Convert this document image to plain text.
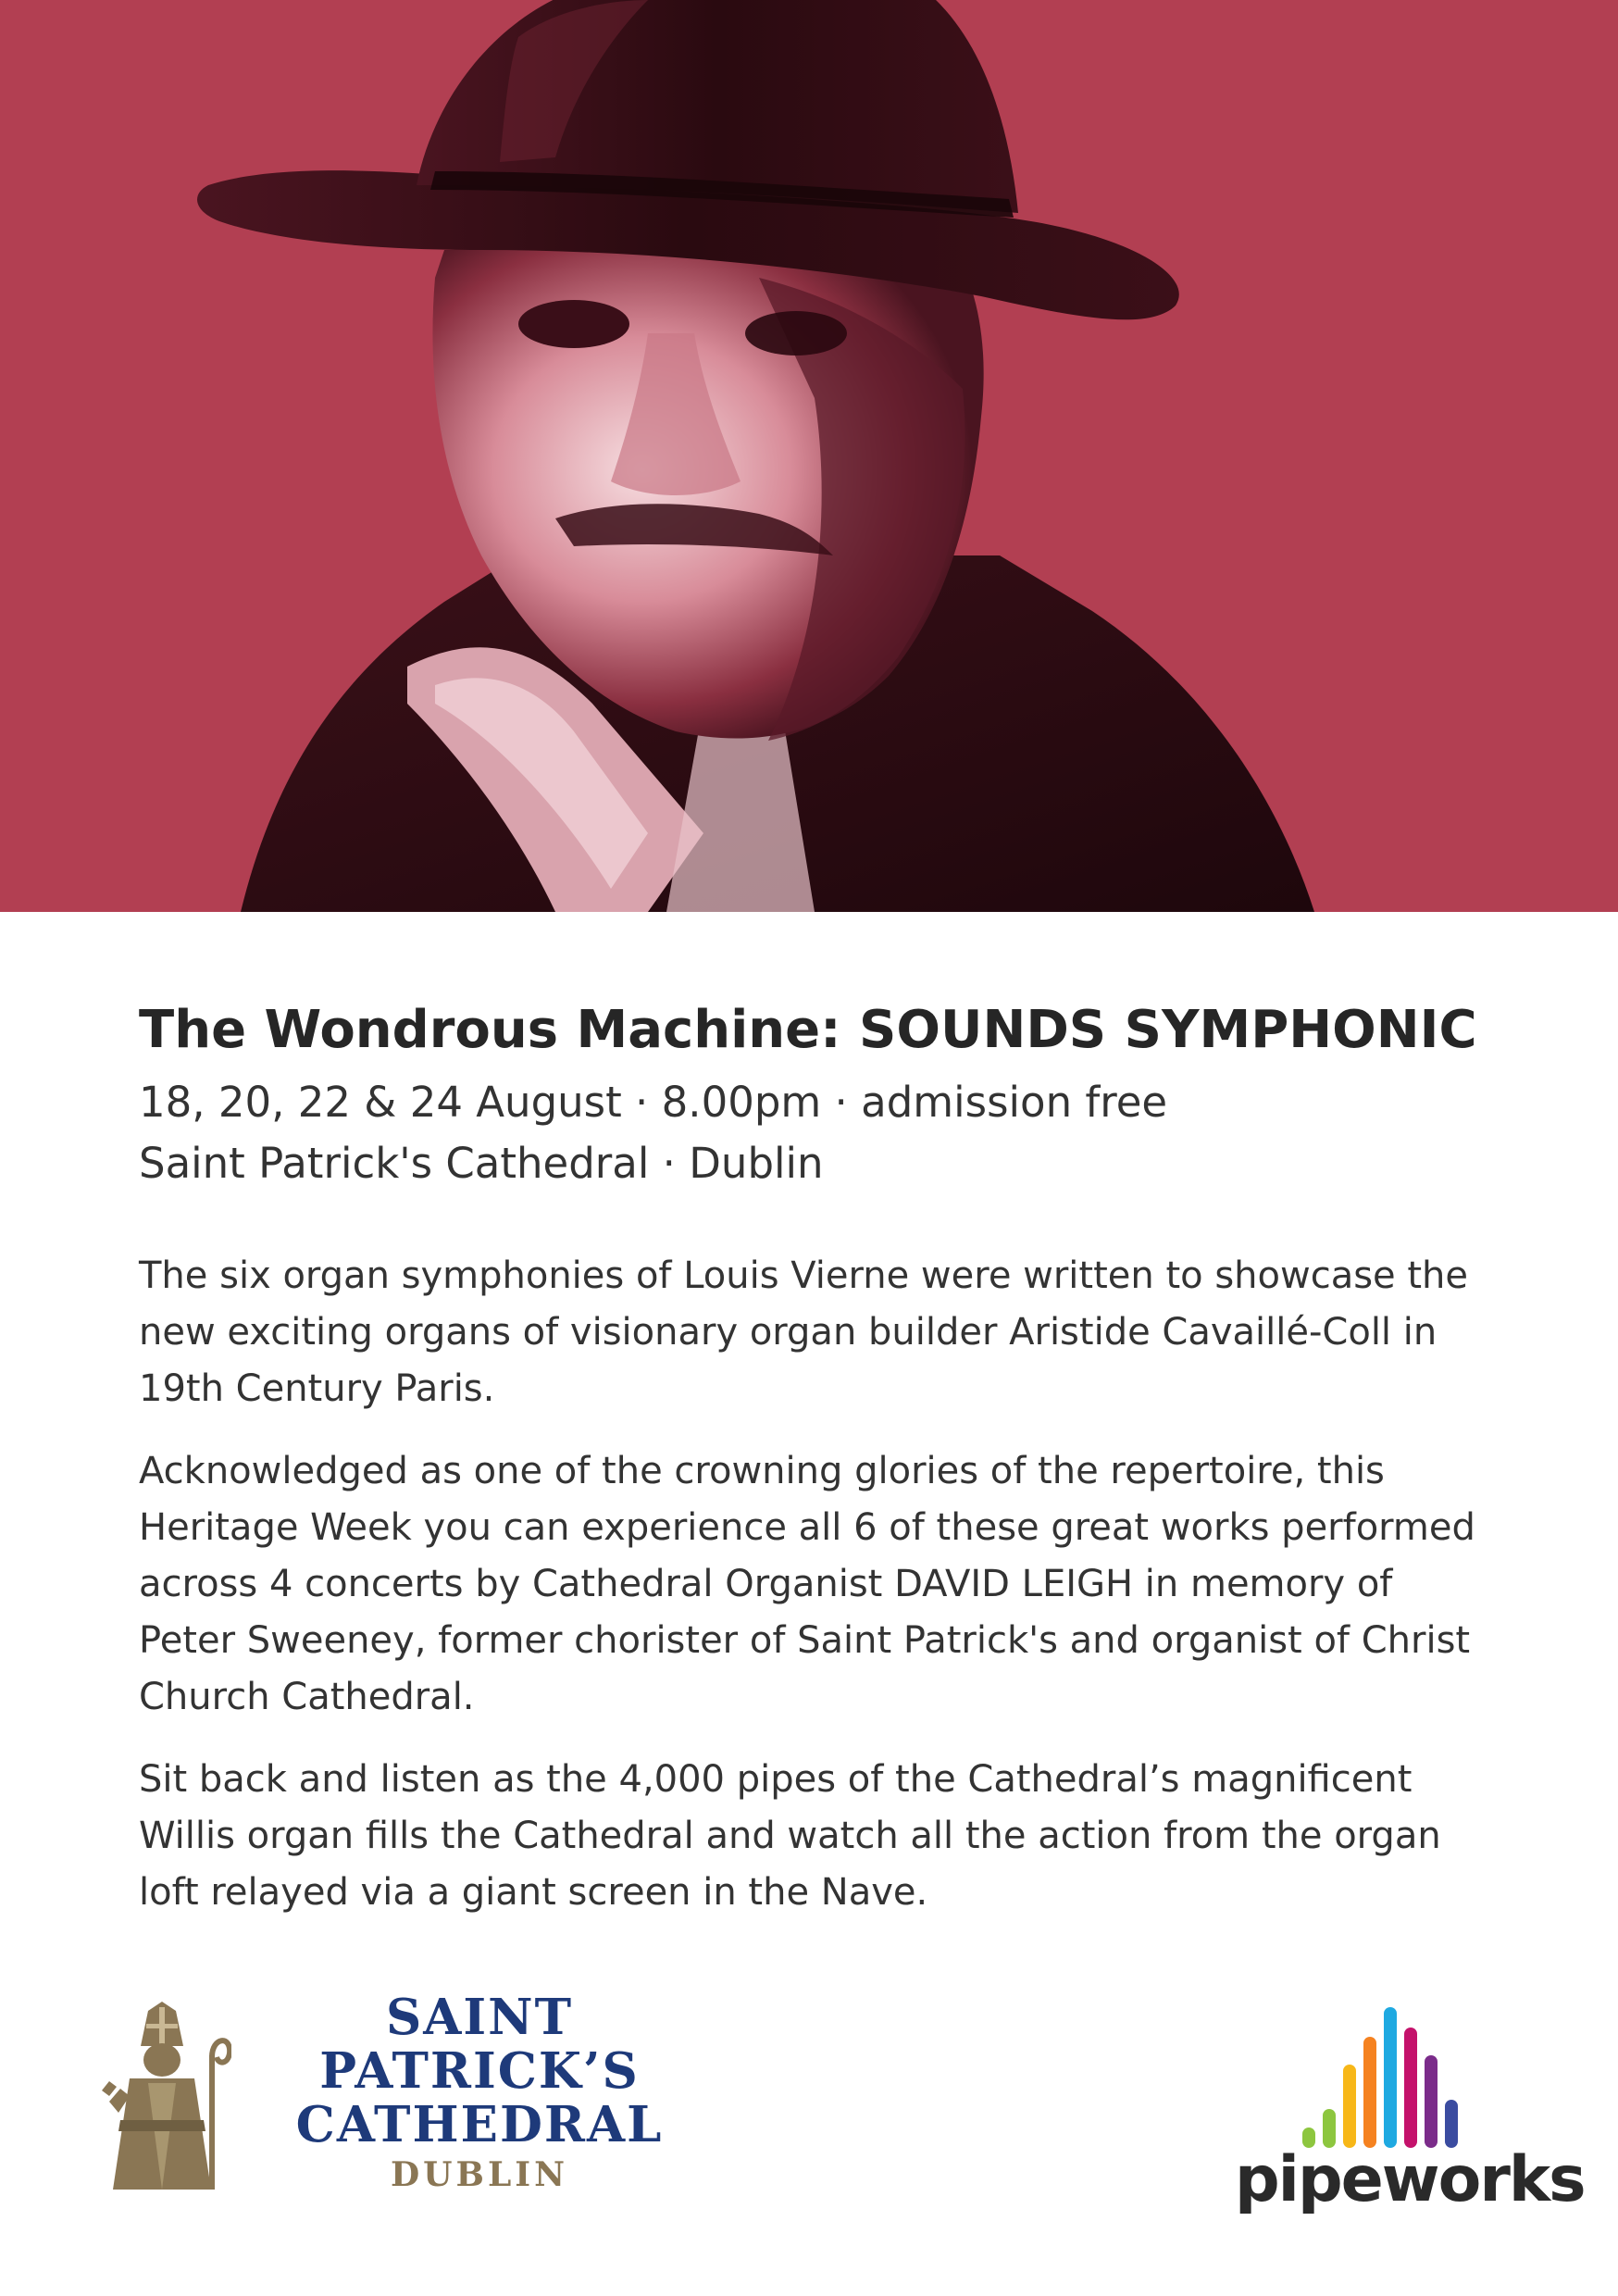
The Wondrous Machine: SOUNDS SYMPHONIC

18, 20, 22 & 24 August · 8.00pm · admission free

Saint Patrick's Cathedral · Dublin

The six organ symphonies of Louis Vierne were written to showcase the new exciting organs of visionary organ builder Aristide Cavaillé-Coll in 19th Century Paris.

Acknowledged as one of the crowning glories of the repertoire, this Heritage Week you can experience all 6 of these great works performed across 4 concerts by Cathedral Organist DAVID LEIGH in memory of Peter Sweeney, former chorister of Saint Patrick's and organist of Christ Church Cathedral.

Sit back and listen as the 4,000 pipes of the Cathedral’s magnificent Willis organ fills the Cathedral and watch all the action from the organ loft relayed via a giant screen in the Nave.

SAINT
PATRICK’S
CATHEDRAL
DUBLIN	pipeworks
